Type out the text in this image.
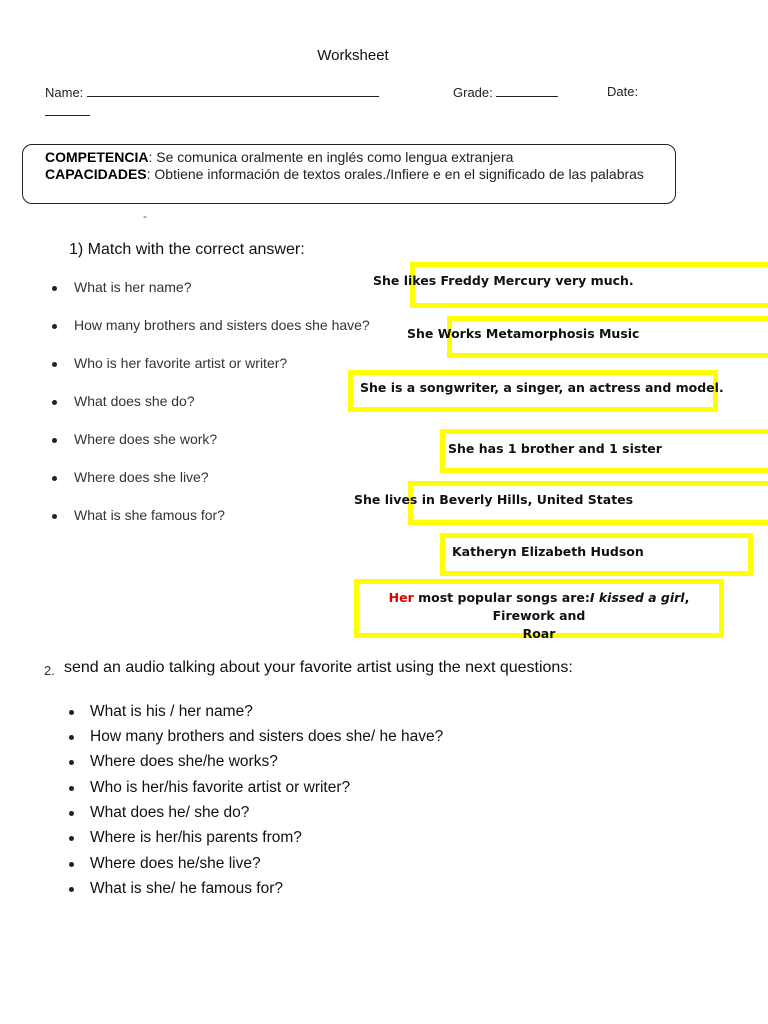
Worksheet
Name:	Grade:	Date:
COMPETENCIA: Se comunica oralmente en inglés como lengua extranjera
CAPACIDADES: Obtiene información de textos orales./Infiere e en el significado de las palabras
-
1) Match with the correct answer:
What is her name?
How many brothers and sisters does she have?
Who is her favorite artist or writer?
What does she do?
Where does she work?
Where does she live?
What is she famous for?
She likes Freddy Mercury very much.
She Works Metamorphosis Music
She is a songwriter, a singer, an actress and model.
She has 1 brother and 1 sister
She lives in Beverly Hills, United States
Katheryn Elizabeth Hudson
Her most popular songs are:I kissed a girl, Firework and
Roar
2. send an audio talking about your favorite artist using the next questions:
What is his / her name?
How many brothers and sisters does she/ he have?
Where does she/he works?
Who is her/his favorite artist or writer?
What does he/ she do?
Where is her/his parents from?
Where does he/she live?
What is she/ he famous for?
